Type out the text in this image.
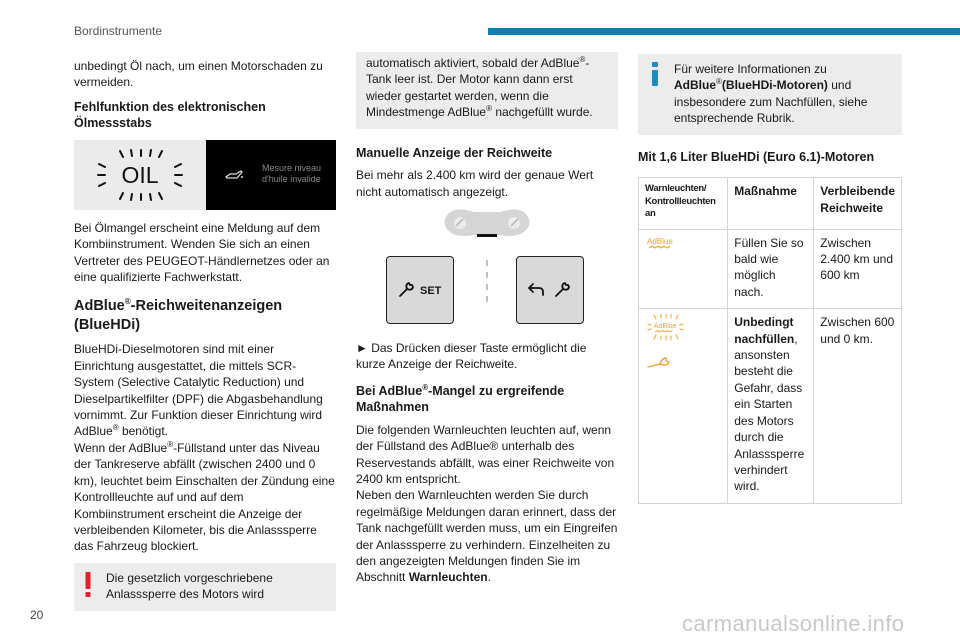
Bordinstrumente

unbedingt Öl nach, um einen Motorschaden zu vermeiden.

Fehlfunktion des elektronischen Ölmessstabs
OIL	Mesure niveau
d'huile invalide

Bei Ölmangel erscheint eine Meldung auf dem Kombiinstrument. Wenden Sie sich an einen Vertreter des PEUGEOT-Händlernetzes oder an eine qualifizierte Fachwerkstatt.

AdBlue®-Reichweitenanzeigen (BlueHDi)

BlueHDi-Dieselmotoren sind mit einer Einrichtung ausgestattet, die mittels SCR-System (Selective Catalytic Reduction) und Dieselpartikelfilter (DPF) die Abgasbehandlung vornimmt. Zur Funktion dieser Einrichtung wird AdBlue® benötigt.

Wenn der AdBlue®-Füllstand unter das Niveau der Tankreserve abfällt (zwischen 2400 und 0 km), leuchtet beim Einschalten der Zündung eine Kontrollleuchte auf und auf dem Kombiinstrument erscheint die Anzeige der verbleibenden Kilometer, bis die Anlasssperre das Fahrzeug blockiert.

Die gesetzlich vorgeschriebene Anlasssperre des Motors wird
automatisch aktiviert, sobald der AdBlue®-Tank leer ist. Der Motor kann dann erst wieder gestartet werden, wenn die Mindestmenge AdBlue® nachgefüllt wurde.
Manuelle Anzeige der Reichweite

Bei mehr als 2.400 km wird der genaue Wert nicht automatisch angezeigt.

SET

► Das Drücken dieser Taste ermöglicht die kurze Anzeige der Reichweite.

Bei AdBlue®-Mangel zu ergreifende Maßnahmen

Die folgenden Warnleuchten leuchten auf, wenn der Füllstand des AdBlue® unterhalb des Reservestands abfällt, was einer Reichweite von 2400 km entspricht.

Neben den Warnleuchten werden Sie durch regelmäßige Meldungen daran erinnert, dass der Tank nachgefüllt werden muss, um ein Eingreifen der Anlasssperre zu verhindern. Einzelheiten zu den angezeigten Meldungen finden Sie im Abschnitt Warnleuchten.

Für weitere Informationen zu AdBlue®(BlueHDi-Motoren) und insbesondere zum Nachfüllen, siehe entsprechende Rubrik.
Mit 1,6 Liter BlueHDi (Euro 6.1)-Motoren
Warnleuchten/ Kontrollleuchten an	Maßnahme	Verbleibende Reichweite

AdBlue	Füllen Sie so bald wie möglich nach.	Zwischen 2.400 km und 600 km

AdBlue	Unbedingt nachfüllen, ansonsten besteht die Gefahr, dass ein Starten des Motors durch die Anlasssperre verhindert wird.	Zwischen 600 und 0 km.
20	carmanualsonline.info
